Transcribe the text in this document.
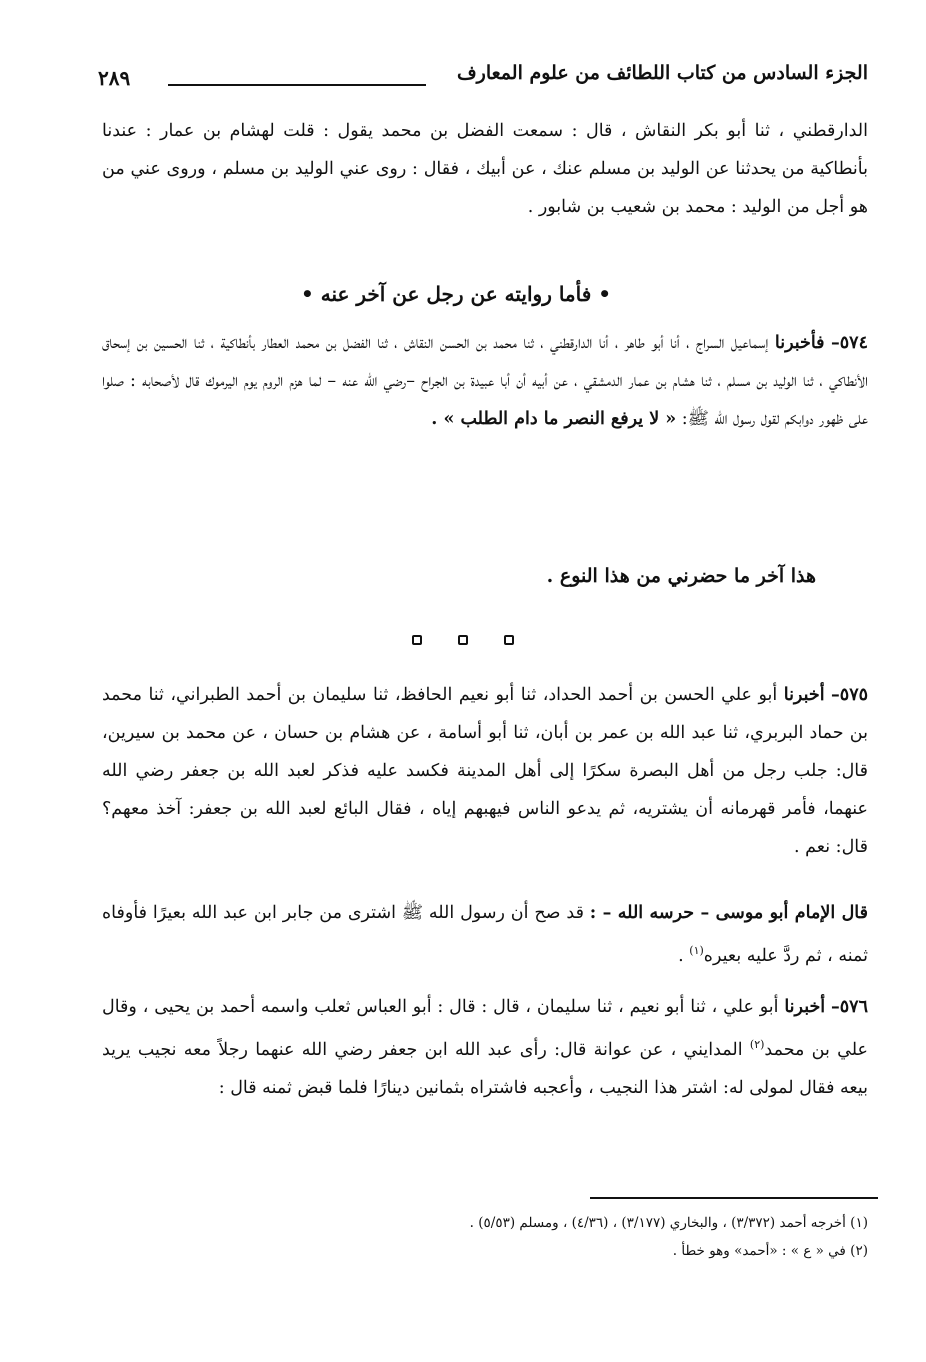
الجزء السادس من كتاب اللطائف من علوم المعارف
٢٨٩

الدارقطني ، ثنا أبو بكر النقاش ، قال : سمعت الفضل بن محمد يقول : قلت لهشام بن عمار : عندنا بأنطاكية من يحدثنا عن الوليد بن مسلم عنك ، عن أبيك ، فقال : روى عني الوليد بن مسلم ، وروى عني من هو أجل من الوليد : محمد بن شعيب بن شابور .

• فأما روايته عن رجل عن آخر عنه •

٥٧٤– فأخبرنا إسماعيل السراج ، أنا أبو طاهر ، أنا الدارقطني ، ثنا محمد بن الحسن النقاش ، ثنا الفضل بن محمد العطار بأنطاكية ، ثنا الحسين بن إسحاق الأنطاكي ، ثنا الوليد بن مسلم ، ثنا هشام بن عمار الدمشقي ، عن أبيه أن أبا عبيدة بن الجراح –رضي الله عنه – لما هزم الروم يوم اليرموك قال لأصحابه : صلوا على ظهور دوابكم لقول رسول الله ﷺ: « لا يرفع النصر ما دام الطلب » .

هذا آخر ما حضرني من هذا النوع .

٥٧٥– أخبرنا أبو علي الحسن بن أحمد الحداد، ثنا أبو نعيم الحافظ، ثنا سليمان بن أحمد الطبراني، ثنا محمد بن حماد البربري، ثنا عبد الله بن عمر بن أبان، ثنا أبو أسامة ، عن هشام بن حسان ، عن محمد بن سيرين، قال: جلب رجل من أهل البصرة سكرًا إلى أهل المدينة فكسد عليه فذكر لعبد الله بن جعفر رضي الله عنهما، فأمر قهرمانه أن يشتريه، ثم يدعو الناس فيهبهم إياه ، فقال البائع لعبد الله بن جعفر: آخذ معهم؟ قال: نعم .

قال الإمام أبو موسى – حرسه الله – : قد صح أن رسول الله ﷺ اشترى من جابر ابن عبد الله بعيرًا فأوفاه ثمنه ، ثم ردَّ عليه بعيره$^{(١)}$ .

٥٧٦– أخبرنا أبو علي ، ثنا أبو نعيم ، ثنا سليمان ، قال : قال : أبو العباس ثعلب واسمه أحمد بن يحيى ، وقال علي بن محمد$^{(٢)}$ المدايني ، عن عوانة قال: رأى عبد الله ابن جعفر رضي الله عنهما رجلاً معه نجيب يريد بيعه فقال لمولى له: اشتر هذا النجيب ، وأعجبه فاشتراه بثمانين دينارًا فلما قبض ثمنه قال :

(١) أخرجه أحمد (٣/٣٧٢) ، والبخاري (٣/١٧٧) ، (٤/٣٦) ، ومسلم (٥/٥٣) .
(٢) في « ع » : «أحمد» وهو خطأ .
